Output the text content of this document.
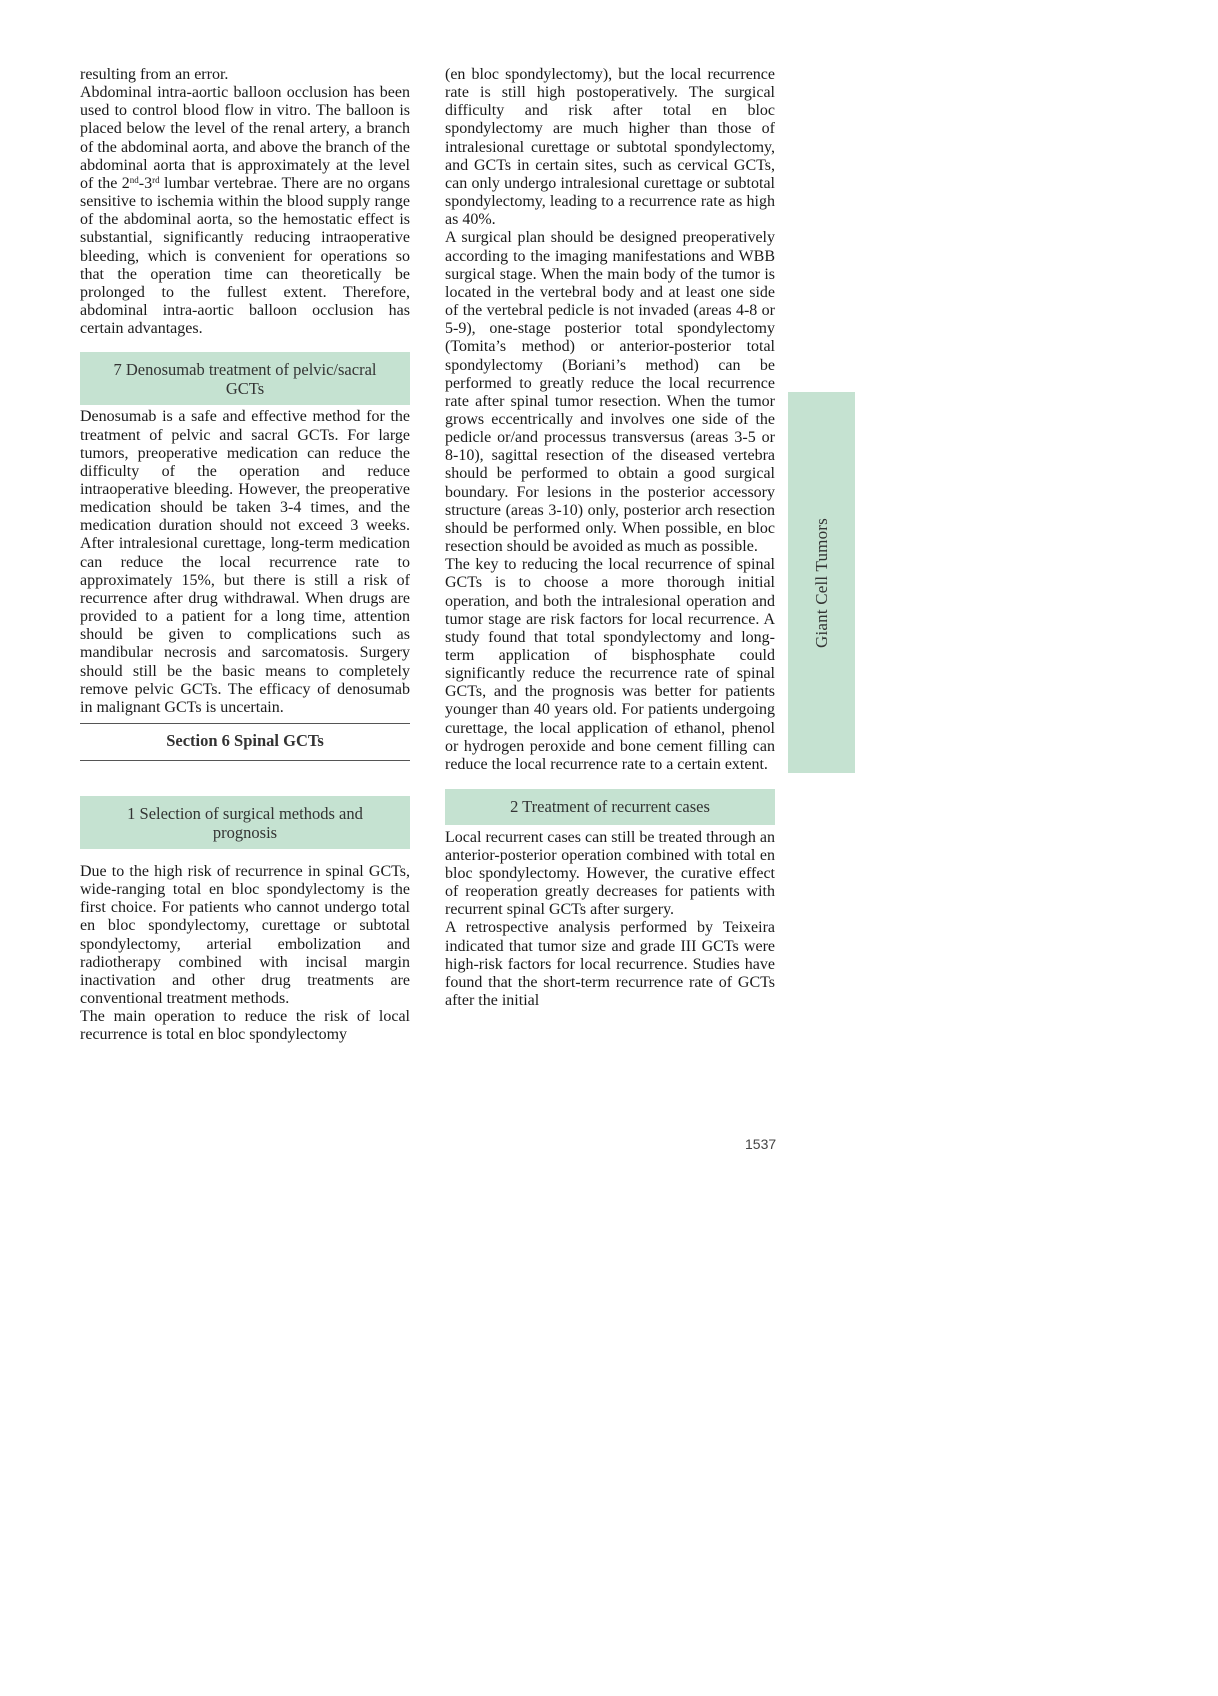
resulting from an error.

Abdominal intra-aortic balloon occlusion has been used to control blood flow in vitro. The balloon is placed below the level of the renal artery, a branch of the abdominal aorta, and above the branch of the abdominal aorta that is approximately at the level of the 2nd-3rd lumbar vertebrae. There are no organs sensitive to ischemia within the blood supply range of the abdominal aorta, so the hemostatic effect is substantial, significantly reducing intraoperative bleeding, which is convenient for operations so that the operation time can theoretically be prolonged to the fullest extent. Therefore, abdominal intra-aortic balloon occlusion has certain advantages.

7 Denosumab treatment of pelvic/sacral GCTs

Denosumab is a safe and effective method for the treatment of pelvic and sacral GCTs. For large tumors, preoperative medication can reduce the difficulty of the operation and reduce intraoperative bleeding. However, the preoperative medication should be taken 3-4 times, and the medication duration should not exceed 3 weeks. After intralesional curettage, long-term medication can reduce the local recurrence rate to approximately 15%, but there is still a risk of recurrence after drug withdrawal. When drugs are provided to a patient for a long time, attention should be given to complications such as mandibular necrosis and sarcomatosis. Surgery should still be the basic means to completely remove pelvic GCTs. The efficacy of denosumab in malignant GCTs is uncertain.

Section 6 Spinal GCTs
1 Selection of surgical methods and prognosis

Due to the high risk of recurrence in spinal GCTs, wide-ranging total en bloc spondylectomy is the first choice. For patients who cannot undergo total en bloc spondylectomy, curettage or subtotal spondylectomy, arterial embolization and radiotherapy combined with incisal margin inactivation and other drug treatments are conventional treatment methods.

The main operation to reduce the risk of local recurrence is total en bloc spondylectomy

(en bloc spondylectomy), but the local recurrence rate is still high postoperatively. The surgical difficulty and risk after total en bloc spondylectomy are much higher than those of intralesional curettage or subtotal spondylectomy, and GCTs in certain sites, such as cervical GCTs, can only undergo intralesional curettage or subtotal spondylectomy, leading to a recurrence rate as high as 40%.

A surgical plan should be designed preoperatively according to the imaging manifestations and WBB surgical stage. When the main body of the tumor is located in the vertebral body and at least one side of the vertebral pedicle is not invaded (areas 4-8 or 5-9), one-stage posterior total spondylectomy (Tomita’s method) or anterior-posterior total spondylectomy (Boriani’s method) can be performed to greatly reduce the local recurrence rate after spinal tumor resection. When the tumor grows eccentrically and involves one side of the pedicle or/and processus transversus (areas 3-5 or 8-10), sagittal resection of the diseased vertebra should be performed to obtain a good surgical boundary. For lesions in the posterior accessory structure (areas 3-10) only, posterior arch resection should be performed only. When possible, en bloc resection should be avoided as much as possible.

The key to reducing the local recurrence of spinal GCTs is to choose a more thorough initial operation, and both the intralesional operation and tumor stage are risk factors for local recurrence. A study found that total spondylectomy and long-term application of bisphosphate could significantly reduce the recurrence rate of spinal GCTs, and the prognosis was better for patients younger than 40 years old. For patients undergoing curettage, the local application of ethanol, phenol or hydrogen peroxide and bone cement filling can reduce the local recurrence rate to a certain extent.

2 Treatment of recurrent cases

Local recurrent cases can still be treated through an anterior-posterior operation combined with total en bloc spondylectomy. However, the curative effect of reoperation greatly decreases for patients with recurrent spinal GCTs after surgery.

A retrospective analysis performed by Teixeira indicated that tumor size and grade III GCTs were high-risk factors for local recurrence. Studies have found that the short-term recurrence rate of GCTs after the initial

Giant Cell Tumors
1537
